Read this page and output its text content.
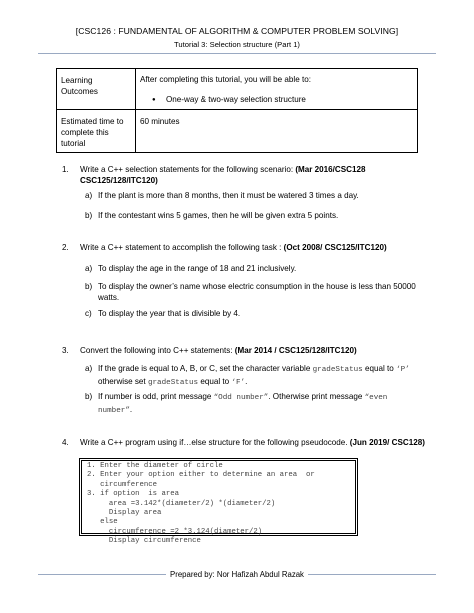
[CSC126 : FUNDAMENTAL OF ALGORITHM & COMPUTER PROBLEM SOLVING]
Tutorial 3: Selection structure (Part 1)
Learning Outcomes	After completing this tutorial, you will be able to:
● One-way & two-way selection structure

Estimated time to complete this tutorial	60 minutes
1. Write a C++ selection statements for the following scenario: (Mar 2016/CSC128 CSC125/128/ITC120)
a) If the plant is more than 8 months, then it must be watered 3 times a day.
b) If the contestant wins 5 games, then he will be given extra 5 points.
2. Write a C++ statement to accomplish the following task : (Oct 2008/ CSC125/ITC120)
a) To display the age in the range of 18 and 21 inclusively.
b) To display the owner’s name whose electric consumption in the house is less than 50000 watts.
c) To display the year that is divisible by 4.
3. Convert the following into C++ statements: (Mar 2014 / CSC125/128/ITC120)
a) If the grade is equal to A, B, or C, set the character variable gradeStatus equal to ‘P’ otherwise set gradeStatus equal to ‘F’.
b) If number is odd, print message “Odd number”. Otherwise print message “even number”.
4. Write a C++ program using if…else structure for the following pseudocode. (Jun 2019/ CSC128)
1. Enter the diameter of circle
2. Enter your option either to determine an area  or
circumference
3. if option  is area
area =3.142*(diameter/2) *(diameter/2)
Display area
else
circumference =2 *3.124(diameter/2)
Display circumference
Prepared by: Nor Hafizah Abdul Razak
